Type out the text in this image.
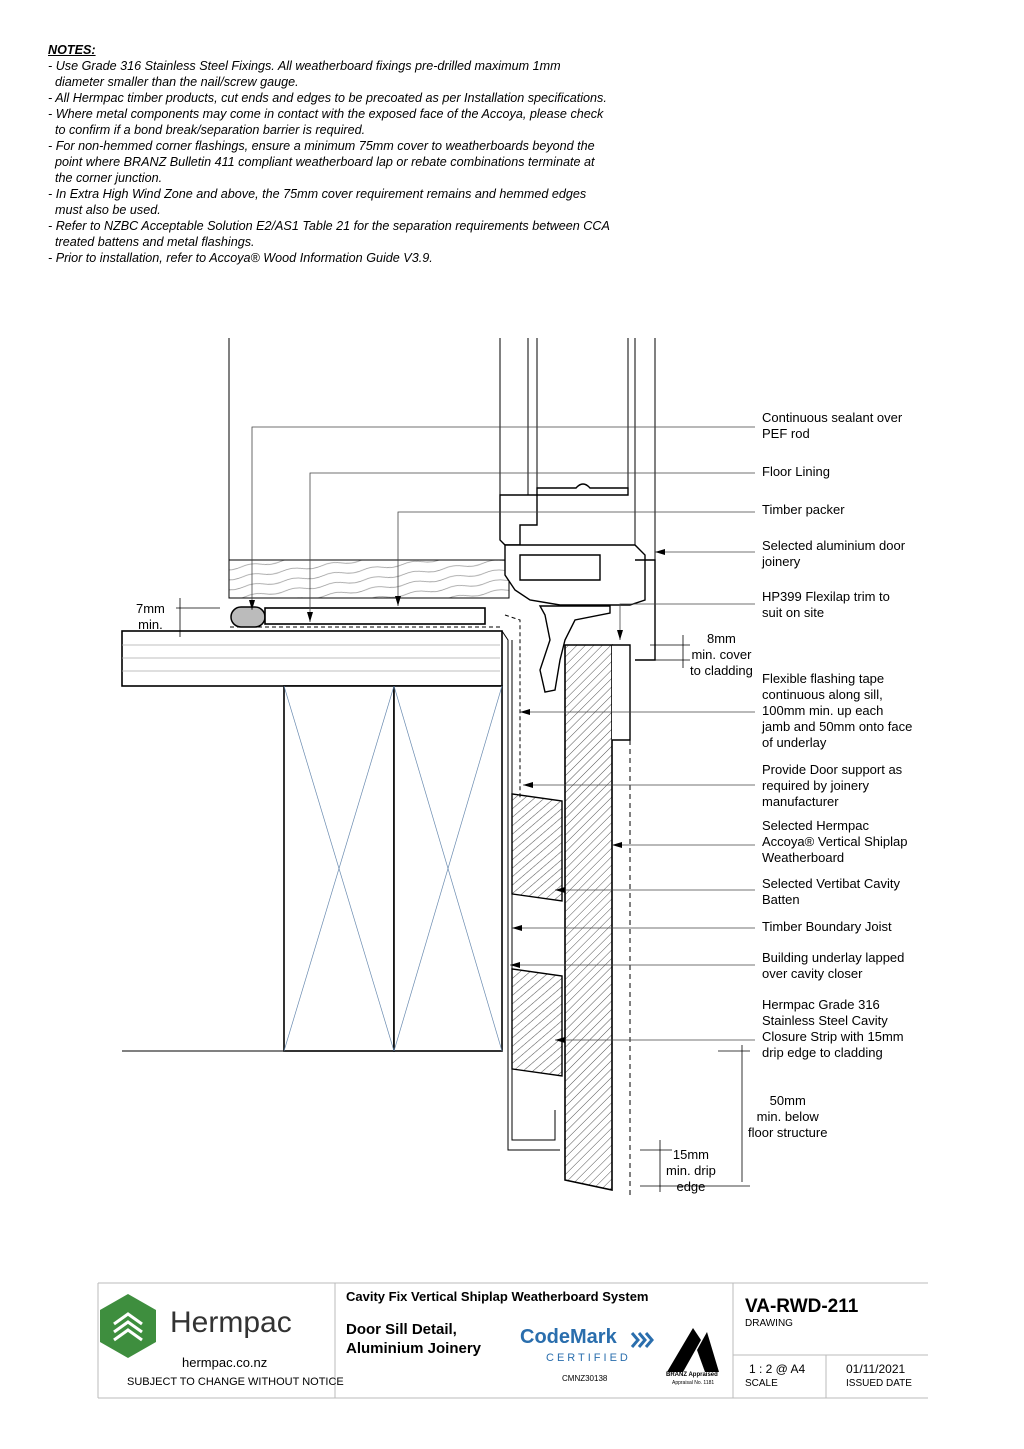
NOTES:
- Use Grade 316 Stainless Steel Fixings. All weatherboard fixings pre-drilled maximum 1mm
diameter smaller than the nail/screw gauge.
- All Hermpac timber products, cut ends and edges to be precoated as per Installation specifications.
- Where metal components may come in contact with the exposed face of the Accoya, please check
to confirm if a bond break/separation barrier is required.
- For non-hemmed corner flashings, ensure a minimum 75mm cover to weatherboards beyond the
point where BRANZ Bulletin 411 compliant weatherboard lap or rebate combinations terminate at
the corner junction.
- In Extra High Wind Zone and above, the 75mm cover requirement remains and hemmed edges
must also be used.
- Refer to NZBC Acceptable Solution E2/AS1 Table 21 for the separation requirements between CCA
treated battens and metal flashings.
- Prior to installation, refer to Accoya® Wood Information Guide V3.9.
Continuous sealant over
PEF rod
Floor Lining
Timber packer
Selected aluminium door
joinery
HP399 Flexilap trim to
suit on site
Flexible flashing tape
continuous along sill,
100mm min. up each
jamb and 50mm onto face
of underlay
Provide Door support as
required by joinery
manufacturer
Selected Hermpac
Accoya® Vertical Shiplap
Weatherboard
Selected Vertibat Cavity
Batten
Timber Boundary Joist
Building underlay lapped
over cavity closer
Hermpac Grade 316
Stainless Steel Cavity
Closure Strip with 15mm
drip edge to cladding
7mm
min.
8mm
min. cover
to cladding
50mm
min. below
floor structure
15mm
min. drip
edge
Hermpac
hermpac.co.nz
SUBJECT TO CHANGE WITHOUT NOTICE
Cavity Fix Vertical Shiplap Weatherboard System
Door Sill Detail,
Aluminium Joinery
CodeMark
CERTIFIED
CMNZ30138	BRANZ Appraised
Appraisal No. 1181
VA-RWD-211
DRAWING
1 : 2 @ A4
SCALE
01/11/2021
ISSUED DATE
